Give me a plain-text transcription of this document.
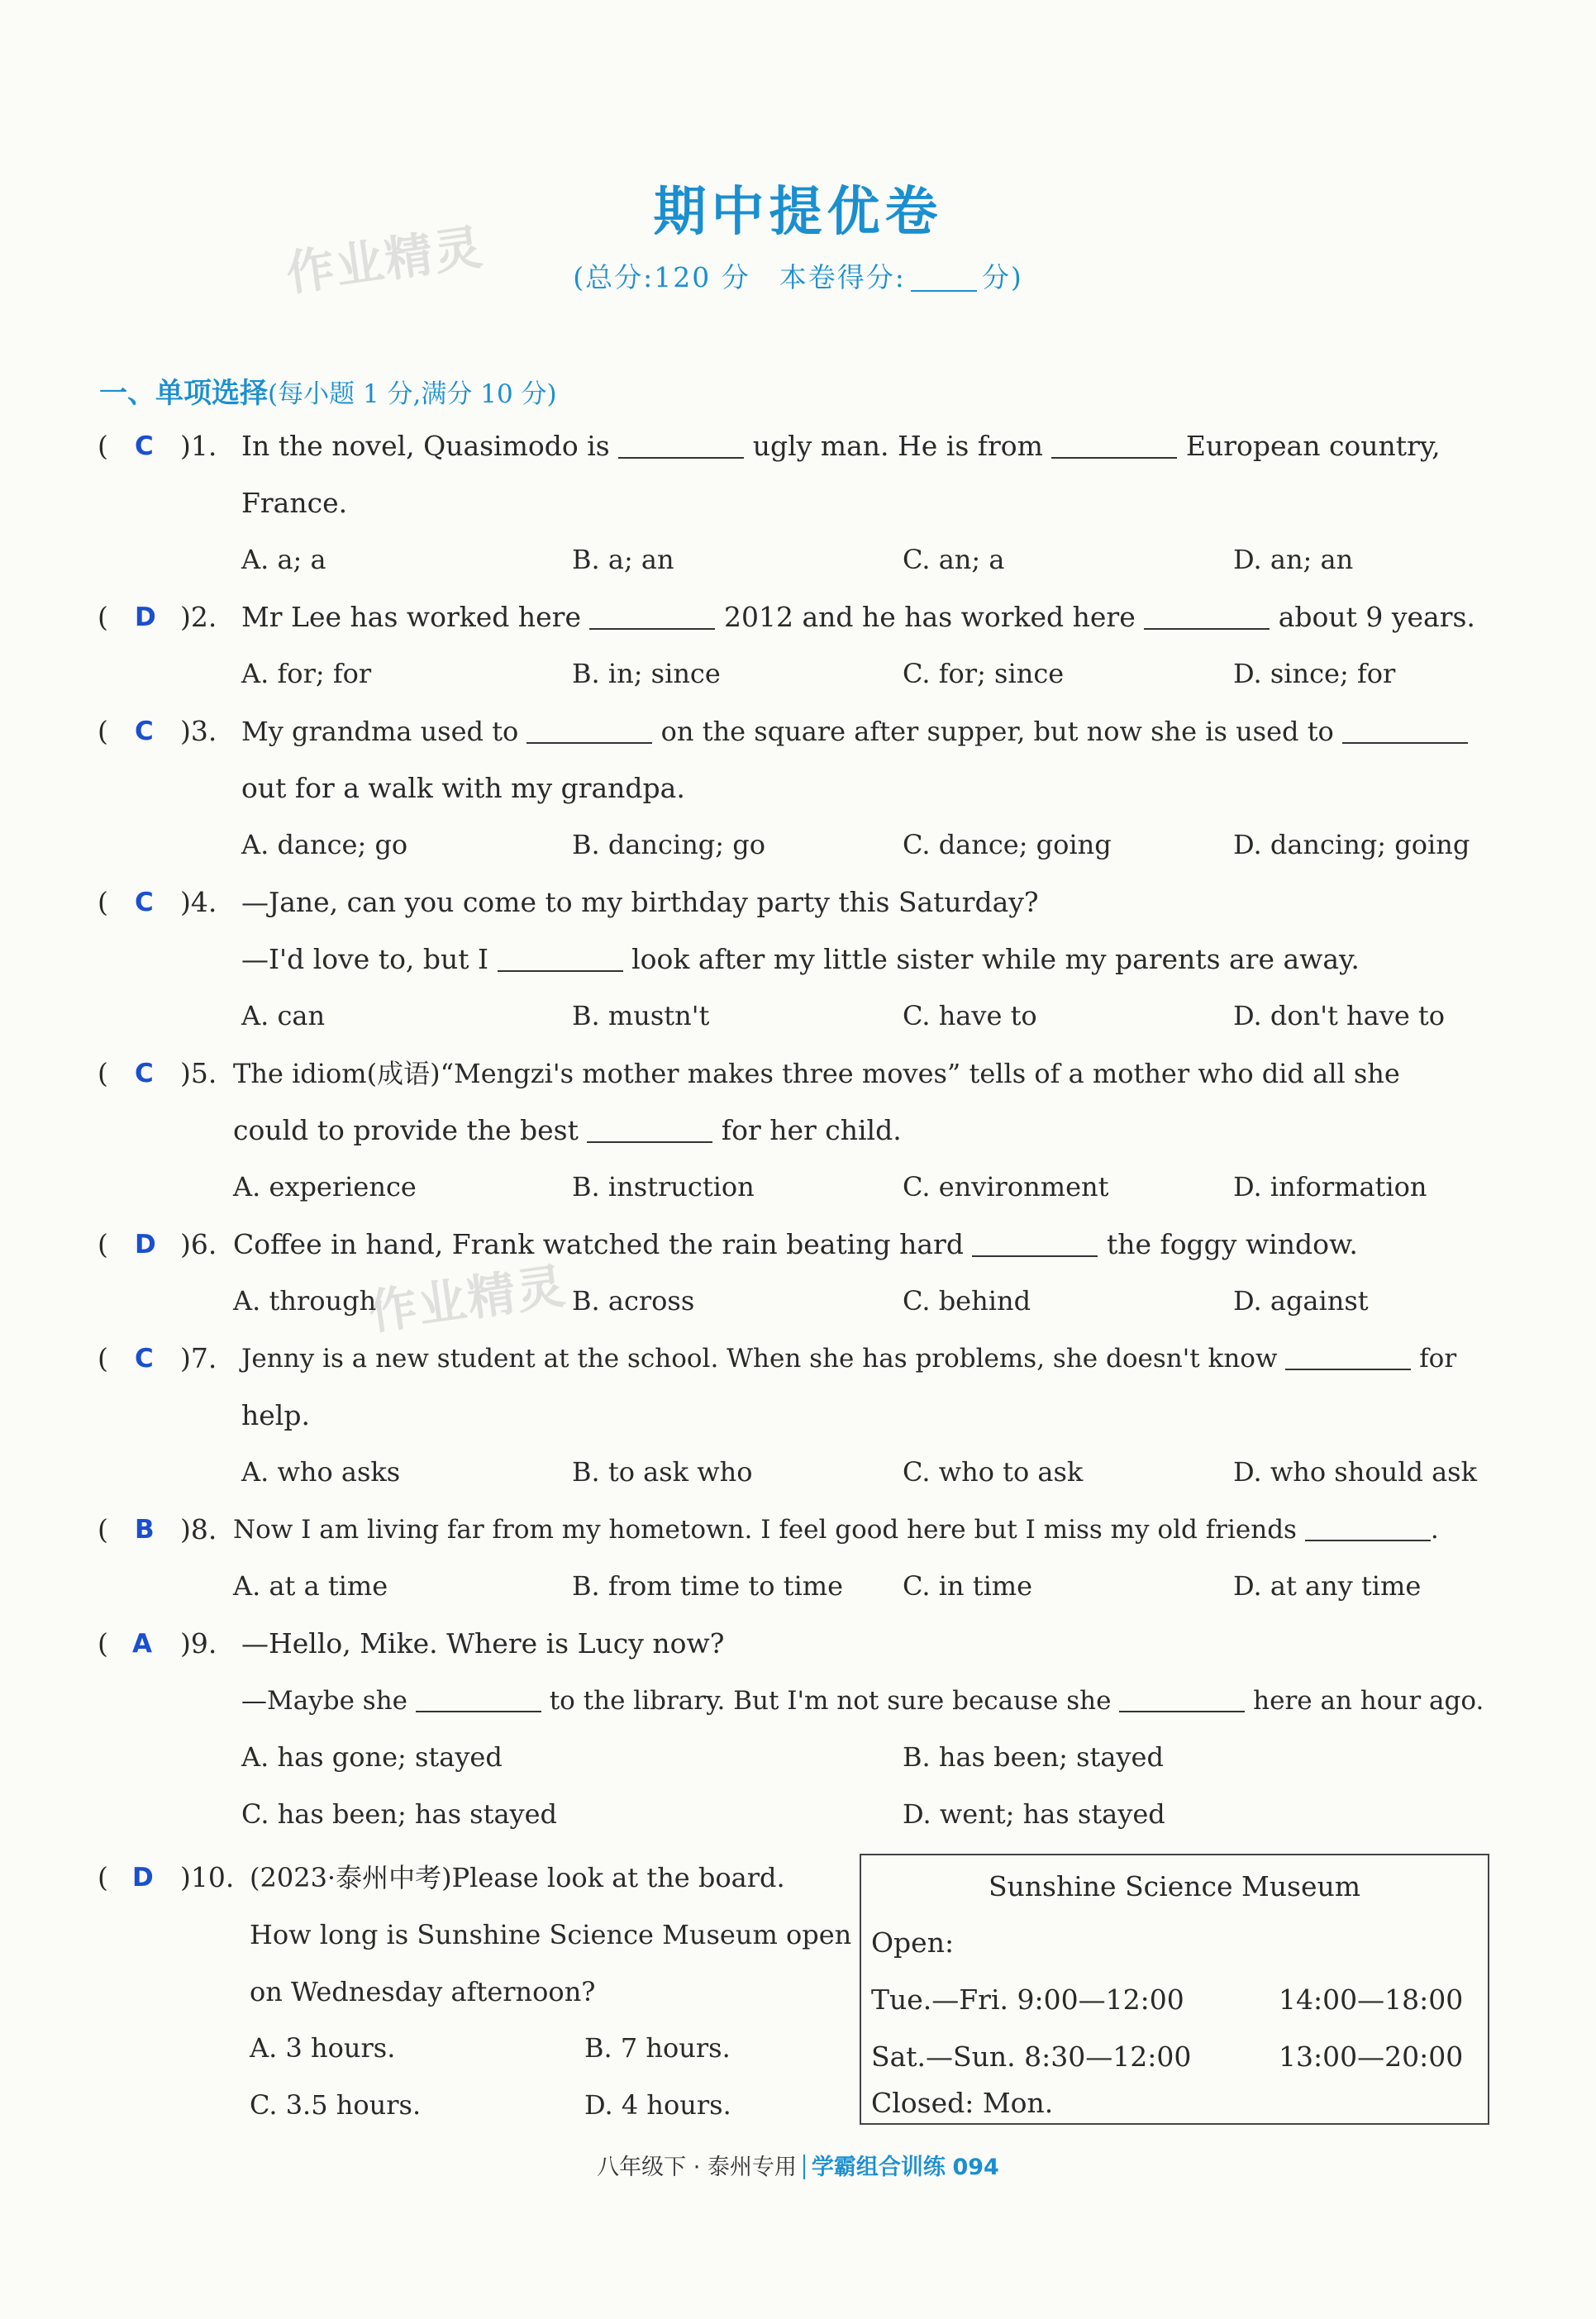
期中提优卷
(总分:120 分　本卷得分:	分)
作业精灵
作业精灵
一、单项选择(每小题 1 分,满分 10 分)
( C )1. In the novel, Quasimodo is	ugly man. He is from	European country,
France.
A. a; a	B. a; an	C. an; a	D. an; an
( D )2. Mr Lee has worked here	2012 and he has worked here	about 9 years.
A. for; for	B. in; since	C. for; since	D. since; for
( C )3. My grandma used to	on the square after supper, but now she is used to
out for a walk with my grandpa.
A. dance; go	B. dancing; go	C. dance; going	D. dancing; going
( C )4. —Jane, can you come to my birthday party this Saturday?
—I'd love to, but I	look after my little sister while my parents are away.
A. can	B. mustn't	C. have to	D. don't have to
( C )5. The idiom(成语)“Mengzi's mother makes three moves” tells of a mother who did all she
could to provide the best	for her child.
A. experience	B. instruction	C. environment	D. information
( D )6. Coffee in hand, Frank watched the rain beating hard	the foggy window.
A. through	B. across	C. behind	D. against
( C )7. Jenny is a new student at the school. When she has problems, she doesn't know	for
help.
A. who asks	B. to ask who	C. who to ask	D. who should ask
( B )8. Now I am living far from my hometown. I feel good here but I miss my old friends	.
A. at a time	B. from time to time C. in time	D. at any time
( A )9. —Hello, Mike. Where is Lucy now?
—Maybe she	to the library. But I'm not sure because she	here an hour ago.
A. has gone; stayed	B. has been; stayed
C. has been; has stayed	D. went; has stayed
( D )10. (2023·泰州中考)Please look at the board.
How long is Sunshine Science Museum open
on Wednesday afternoon?
A. 3 hours.	B. 7 hours.
C. 3.5 hours.	D. 4 hours.
Sunshine Science Museum
Open:
Tue.—Fri. 9:00—12:00	14:00—18:00
Sat.—Sun. 8:30—12:00	13:00—20:00
Closed: Mon.
八年级下 · 泰州专用 学霸组合训练 094
